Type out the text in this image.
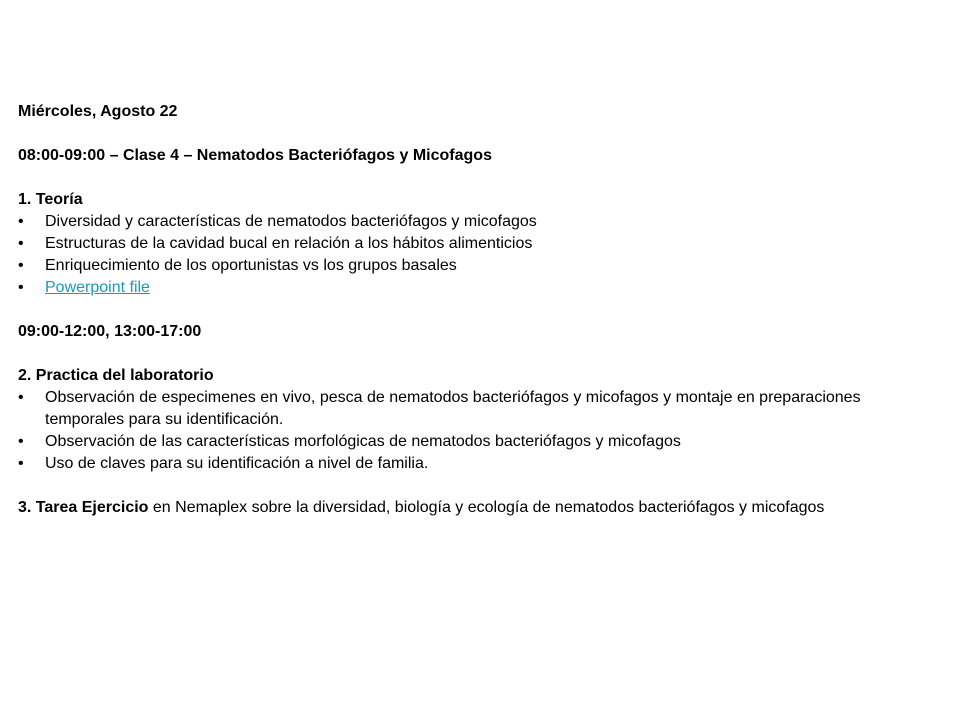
Miércoles, Agosto 22
08:00-09:00 – Clase 4 – Nematodos Bacteriófagos y Micofagos
1. Teoría
•	Diversidad y características de nematodos bacteriófagos y micofagos
•	Estructuras de la cavidad bucal en relación a los hábitos alimenticios
•	Enriquecimiento de los oportunistas vs los grupos basales
•	Powerpoint file
09:00-12:00, 13:00-17:00
2. Practica del laboratorio
•	Observación de especimenes en vivo, pesca de nematodos bacteriófagos y micofagos y montaje en preparaciones temporales para su identificación.
•	Observación de las características morfológicas de nematodos bacteriófagos y micofagos
•	Uso de claves para su identificación a nivel de familia.
3. Tarea Ejercicio en Nemaplex sobre la diversidad, biología y ecología de nematodos bacteriófagos y micofagos
